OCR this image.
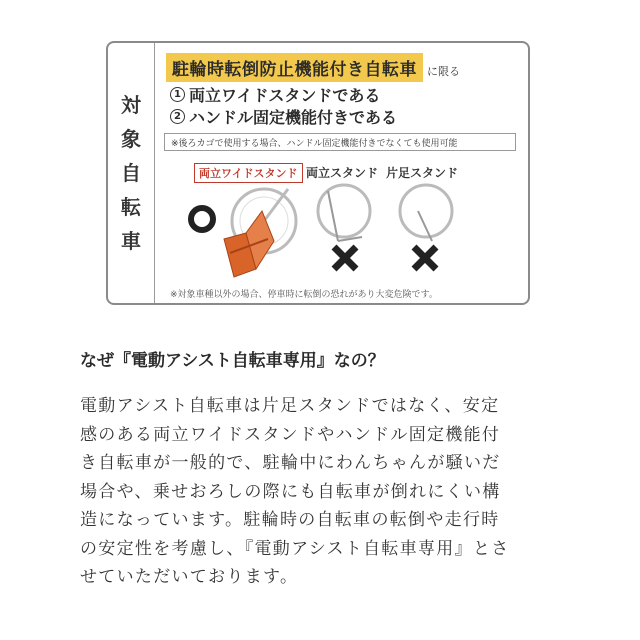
対
象
自
転
車
駐輪時転倒防止機能付き自転車 に限る
1 両立ワイドスタンドである
2 ハンドル固定機能付きである
※後ろカゴで使用する場合、ハンドル固定機能付きでなくても使用可能
両立ワイドスタンド 両立スタンド 片足スタンド
※対象車種以外の場合、停車時に転倒の恐れがあり大変危険です。
なぜ『電動アシスト自転車専用』なの？
電動アシスト自転車は片足スタンドではなく、安定
感のある両立ワイドスタンドやハンドル固定機能付
き自転車が一般的で、駐輪中にわんちゃんが騒いだ
場合や、乗せおろしの際にも自転車が倒れにくい構
造になっています。駐輪時の自転車の転倒や走行時
の安定性を考慮し、『電動アシスト自転車専用』とさ
せていただいております。
